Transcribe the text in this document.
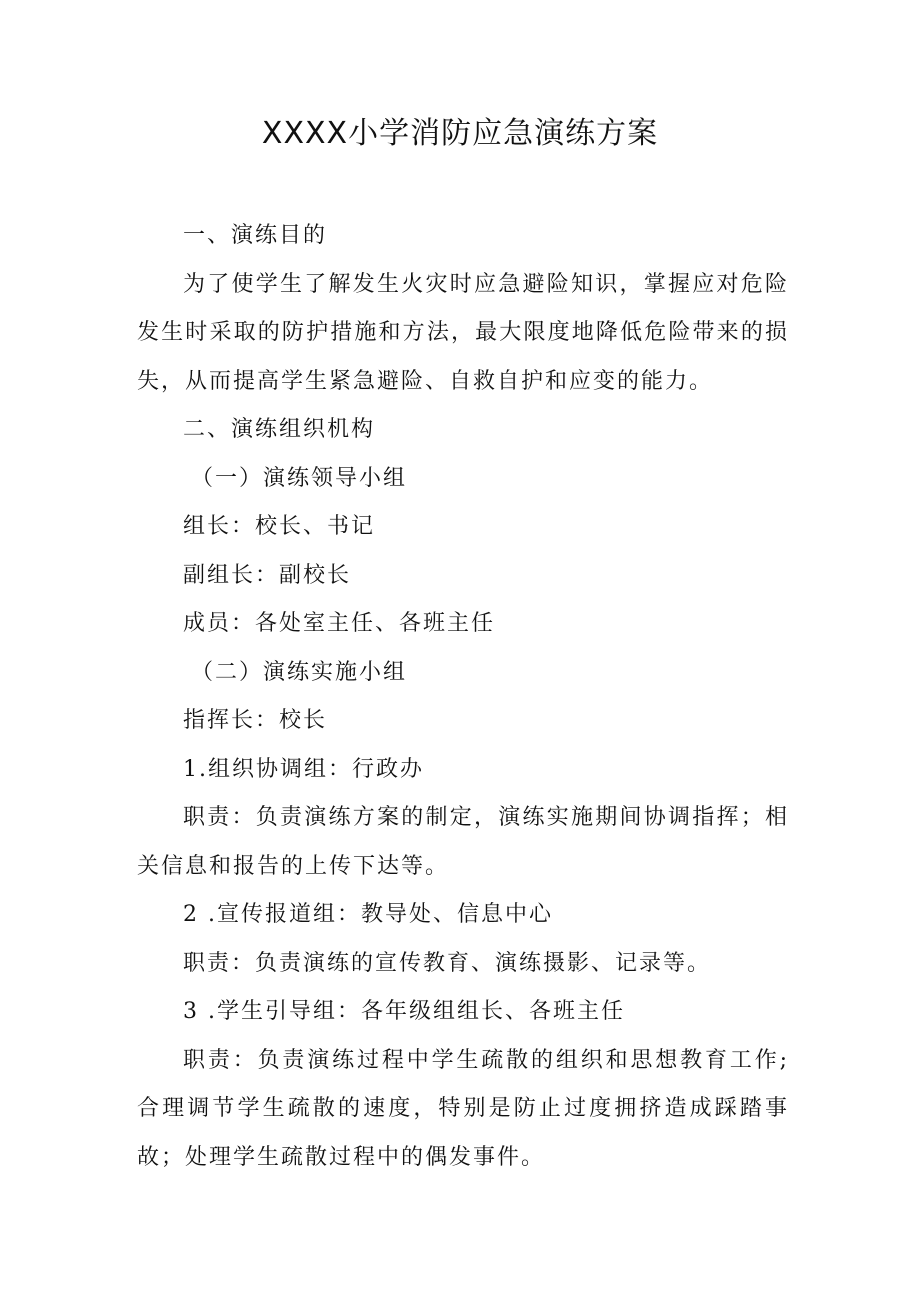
XXXX小学消防应急演练方案

一、演练目的

为了使学生了解发生火灾时应急避险知识，掌握应对危险发生时采取的防护措施和方法，最大限度地降低危险带来的损失，从而提高学生紧急避险、自救自护和应变的能力。

二、演练组织机构

（一）演练领导小组

组长：校长、书记

副组长：副校长

成员：各处室主任、各班主任

（二）演练实施小组

指挥长：校长

1.组织协调组：行政办

职责：负责演练方案的制定，演练实施期间协调指挥；相关信息和报告的上传下达等。

2 .宣传报道组：教导处、信息中心

职责：负责演练的宣传教育、演练摄影、记录等。

3 .学生引导组：各年级组组长、各班主任

职责：负责演练过程中学生疏散的组织和思想教育工作;合理调节学生疏散的速度，特别是防止过度拥挤造成踩踏事故；处理学生疏散过程中的偶发事件。
